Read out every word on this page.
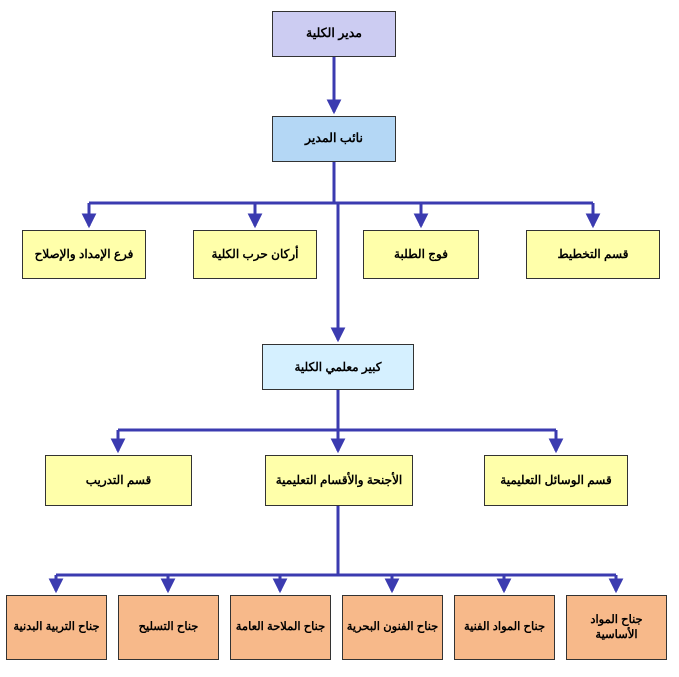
مدير الكلية
نائب المدير
قسم التخطيط
فوج الطلبة
أركان حرب الكلية
فرع الإمداد والإصلاح
كبير معلمي الكلية
قسم الوسائل التعليمية
الأجنحة والأقسام التعليمية
قسم التدريب
جناح المواد الأساسية
جناح المواد الفنية
جناح الفنون البحرية
جناح الملاحة العامة
جناح التسليح
جناح التربية البدنية
